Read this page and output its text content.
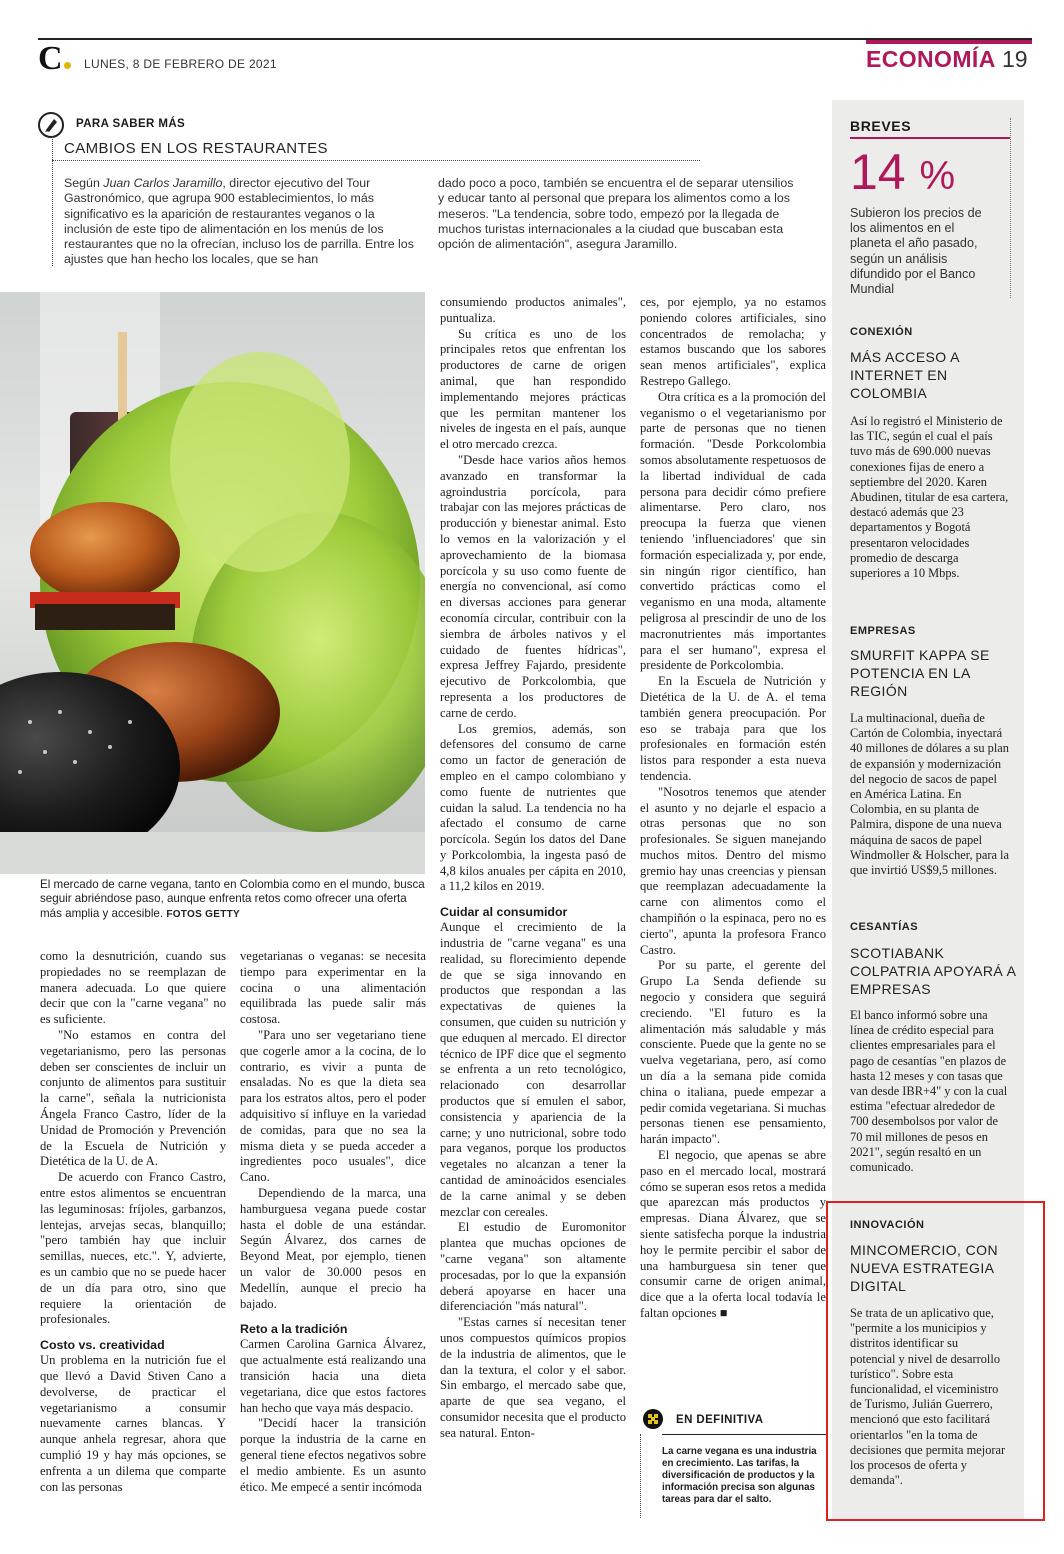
C	LUNES, 8 DE FEBRERO DE 2021	ECONOMÍA 19
PARA SABER MÁS
CAMBIOS EN LOS RESTAURANTES
Según Juan Carlos Jaramillo, director ejecutivo del Tour Gastronómico, que agrupa 900 establecimientos, lo más significativo es la aparición de restaurantes veganos o la inclusión de este tipo de alimentación en los menús de los restaurantes que no la ofrecían, incluso los de parrilla. Entre los ajustes que han hecho los locales, que se han
dado poco a poco, también se encuentra el de separar utensilios y educar tanto al personal que prepara los alimentos como a los meseros. "La tendencia, sobre todo, empezó por la llegada de muchos turistas internacionales a la ciudad que buscaban esta opción de alimentación", asegura Jaramillo.
El mercado de carne vegana, tanto en Colombia como en el mundo, busca seguir abriéndose paso, aunque enfrenta retos como ofrecer una oferta más amplia y accesible. FOTOS GETTY

como la desnutrición, cuando sus propiedades no se reemplazan de manera adecuada. Lo que quiere decir que con la "carne vegana" no es suficiente.

"No estamos en contra del vegetarianismo, pero las personas deben ser conscientes de incluir un conjunto de alimentos para sustituir la carne", señala la nutricionista Ángela Franco Castro, líder de la Unidad de Promoción y Prevención de la Escuela de Nutrición y Dietética de la U. de A.

De acuerdo con Franco Castro, entre estos alimentos se encuentran las leguminosas: fríjoles, garbanzos, lentejas, arvejas secas, blanquillo; "pero también hay que incluir semillas, nueces, etc.". Y, advierte, es un cambio que no se puede hacer de un día para otro, sino que requiere la orientación de profesionales.

Costo vs. creatividad

Un problema en la nutrición fue el que llevó a David Stiven Cano a devolverse, de practicar el vegetarianismo a consumir nuevamente carnes blancas. Y aunque anhela regresar, ahora que cumplió 19 y hay más opciones, se enfrenta a un dilema que comparte con las personas

vegetarianas o veganas: se necesita tiempo para experimentar en la cocina o una alimentación equilibrada las puede salir más costosa.

"Para uno ser vegetariano tiene que cogerle amor a la cocina, de lo contrario, es vivir a punta de ensaladas. No es que la dieta sea para los estratos altos, pero el poder adquisitivo sí influye en la variedad de comidas, para que no sea la misma dieta y se pueda acceder a ingredientes poco usuales", dice Cano.

Dependiendo de la marca, una hamburguesa vegana puede costar hasta el doble de una estándar. Según Álvarez, dos carnes de Beyond Meat, por ejemplo, tienen un valor de 30.000 pesos en Medellín, aunque el precio ha bajado.

Reto a la tradición

Carmen Carolina Garnica Álvarez, que actualmente está realizando una transición hacia una dieta vegetariana, dice que estos factores han hecho que vaya más despacio.

"Decidí hacer la transición porque la industria de la carne en general tiene efectos negativos sobre el medio ambiente. Es un asunto ético. Me empecé a sentir incómoda

consumiendo productos animales", puntualiza.

Su crítica es uno de los principales retos que enfrentan los productores de carne de origen animal, que han respondido implementando mejores prácticas que les permitan mantener los niveles de ingesta en el país, aunque el otro mercado crezca.

"Desde hace varios años hemos avanzado en transformar la agroindustria porcícola, para trabajar con las mejores prácticas de producción y bienestar animal. Esto lo vemos en la valorización y el aprovechamiento de la biomasa porcícola y su uso como fuente de energía no convencional, así como en diversas acciones para generar economía circular, contribuir con la siembra de árboles nativos y el cuidado de fuentes hídricas", expresa Jeffrey Fajardo, presidente ejecutivo de Porkcolombia, que representa a los productores de carne de cerdo.

Los gremios, además, son defensores del consumo de carne como un factor de generación de empleo en el campo colombiano y como fuente de nutrientes que cuidan la salud. La tendencia no ha afectado el consumo de carne porcícola. Según los datos del Dane y Porkcolombia, la ingesta pasó de 4,8 kilos anuales per cápita en 2010, a 11,2 kilos en 2019.

Cuidar al consumidor

Aunque el crecimiento de la industria de "carne vegana" es una realidad, su florecimiento depende de que se siga innovando en productos que respondan a las expectativas de quienes la consumen, que cuiden su nutrición y que eduquen al mercado. El director técnico de IPF dice que el segmento se enfrenta a un reto tecnológico, relacionado con desarrollar productos que sí emulen el sabor, consistencia y apariencia de la carne; y uno nutricional, sobre todo para veganos, porque los productos vegetales no alcanzan a tener la cantidad de aminoácidos esenciales de la carne animal y se deben mezclar con cereales.

El estudio de Euromonitor plantea que muchas opciones de "carne vegana" son altamente procesadas, por lo que la expansión deberá apoyarse en hacer una diferenciación "más natural".

"Estas carnes sí necesitan tener unos compuestos químicos propios de la industria de alimentos, que le dan la textura, el color y el sabor. Sin embargo, el mercado sabe que, aparte de que sea vegano, el consumidor necesita que el producto sea natural. Enton-

ces, por ejemplo, ya no estamos poniendo colores artificiales, sino concentrados de remolacha; y estamos buscando que los sabores sean menos artificiales", explica Restrepo Gallego.

Otra crítica es a la promoción del veganismo o el vegetarianismo por parte de personas que no tienen formación. "Desde Porkcolombia somos absolutamente respetuosos de la libertad individual de cada persona para decidir cómo prefiere alimentarse. Pero claro, nos preocupa la fuerza que vienen teniendo 'influenciadores' que sin formación especializada y, por ende, sin ningún rigor científico, han convertido prácticas como el veganismo en una moda, altamente peligrosa al prescindir de uno de los macronutrientes más importantes para el ser humano", expresa el presidente de Porkcolombia.

En la Escuela de Nutrición y Dietética de la U. de A. el tema también genera preocupación. Por eso se trabaja para que los profesionales en formación estén listos para responder a esta nueva tendencia.

"Nosotros tenemos que atender el asunto y no dejarle el espacio a otras personas que no son profesionales. Se siguen manejando muchos mitos. Dentro del mismo gremio hay unas creencias y piensan que reemplazan adecuadamente la carne con alimentos como el champiñón o la espinaca, pero no es cierto", apunta la profesora Franco Castro.

Por su parte, el gerente del Grupo La Senda defiende su negocio y considera que seguirá creciendo. "El futuro es la alimentación más saludable y más consciente. Puede que la gente no se vuelva vegetariana, pero, así como un día a la semana pide comida china o italiana, puede empezar a pedir comida vegetariana. Si muchas personas tienen ese pensamiento, harán impacto".

El negocio, que apenas se abre paso en el mercado local, mostrará cómo se superan esos retos a medida que aparezcan más productos y empresas. Diana Álvarez, que se siente satisfecha porque la industria hoy le permite percibir el sabor de una hamburguesa sin tener que consumir carne de origen animal, dice que a la oferta local todavía le faltan opciones ■

EN DEFINITIVA
La carne vegana es una industria en crecimiento. Las tarifas, la diversificación de productos y la información precisa son algunas tareas para dar el salto.
BREVES
14 %
Subieron los precios de los alimentos en el planeta el año pasado, según un análisis difundido por el Banco Mundial
CONEXIÓN
MÁS ACCESO A INTERNET EN COLOMBIA
Así lo registró el Ministerio de las TIC, según el cual el país tuvo más de 690.000 nuevas conexiones fijas de enero a septiembre del 2020. Karen Abudinen, titular de esa cartera, destacó además que 23 departamentos y Bogotá presentaron velocidades promedio de descarga superiores a 10 Mbps.
EMPRESAS
SMURFIT KAPPA SE POTENCIA EN LA REGIÓN
La multinacional, dueña de Cartón de Colombia, inyectará 40 millones de dólares a su plan de expansión y modernización del negocio de sacos de papel en América Latina. En Colombia, en su planta de Palmira, dispone de una nueva máquina de sacos de papel Windmoller & Holscher, para la que invirtió US$9,5 millones.
CESANTÍAS
SCOTIABANK COLPATRIA APOYARÁ A EMPRESAS
El banco informó sobre una línea de crédito especial para clientes empresariales para el pago de cesantías "en plazos de hasta 12 meses y con tasas que van desde IBR+4" y con la cual estima "efectuar alrededor de 700 desembolsos por valor de 70 mil millones de pesos en 2021", según resaltó en un comunicado.
INNOVACIÓN
MINCOMERCIO, CON NUEVA ESTRATEGIA DIGITAL
Se trata de un aplicativo que, "permite a los municipios y distritos identificar su potencial y nivel de desarrollo turístico". Sobre esta funcionalidad, el viceministro de Turismo, Julián Guerrero, mencionó que esto facilitará orientarlos "en la toma de decisiones que permita mejorar los procesos de oferta y demanda".
